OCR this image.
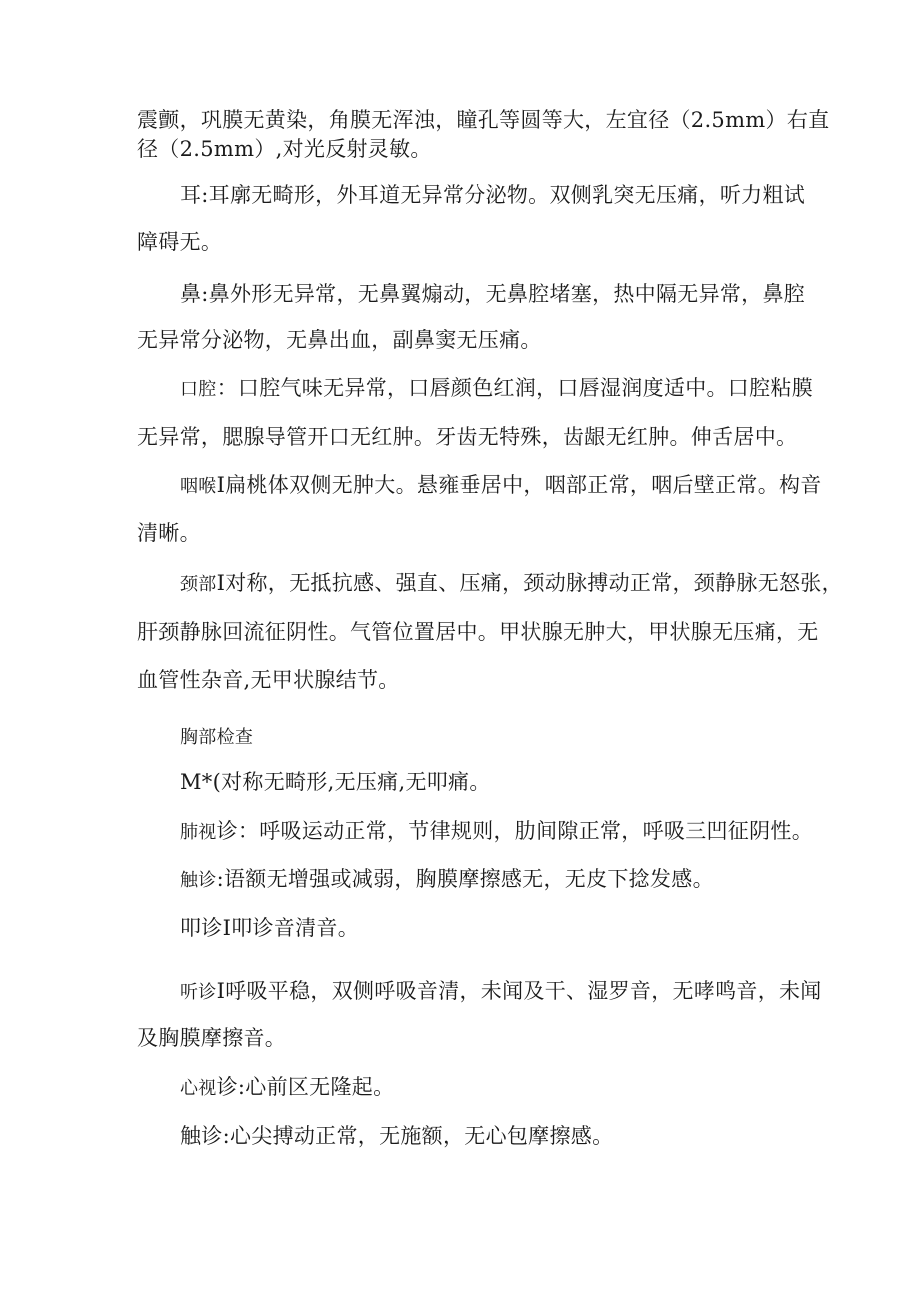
震颤，巩膜无黄染，角膜无浑浊，瞳孔等圆等大，左宜径（2.5mm）右直
径（2.5mm）,对光反射灵敏。
耳:耳廓无畸形，外耳道无异常分泌物。双侧乳突无压痛，听力粗试
障碍无。
鼻:鼻外形无异常，无鼻翼煽动，无鼻腔堵塞，热中隔无异常，鼻腔
无异常分泌物，无鼻出血，副鼻窦无压痛。
口腔：口腔气味无异常，口唇颜色红润，口唇湿润度适中。口腔粘膜
无异常，腮腺导管开口无红肿。牙齿无特殊，齿龈无红肿。伸舌居中。
咽喉I扁桃体双侧无肿大。悬雍垂居中，咽部正常，咽后壁正常。构音
清晰。
颈部I对称，无抵抗感、强直、压痛，颈动脉搏动正常，颈静脉无怒张，
肝颈静脉回流征阴性。气管位置居中。甲状腺无肿大，甲状腺无压痛，无
血管性杂音,无甲状腺结节。
胸部检查
M*(对称无畸形,无压痛,无叩痛。
肺视诊：呼吸运动正常，节律规则，肋间隙正常，呼吸三凹征阴性。
触诊:语额无增强或减弱，胸膜摩擦感无，无皮下捻发感。
叩诊I叩诊音清音。
听诊I呼吸平稳，双侧呼吸音清，未闻及干、湿罗音，无哮鸣音，未闻
及胸膜摩擦音。
心视诊:心前区无隆起。
触诊:心尖搏动正常，无施额，无心包摩擦感。
